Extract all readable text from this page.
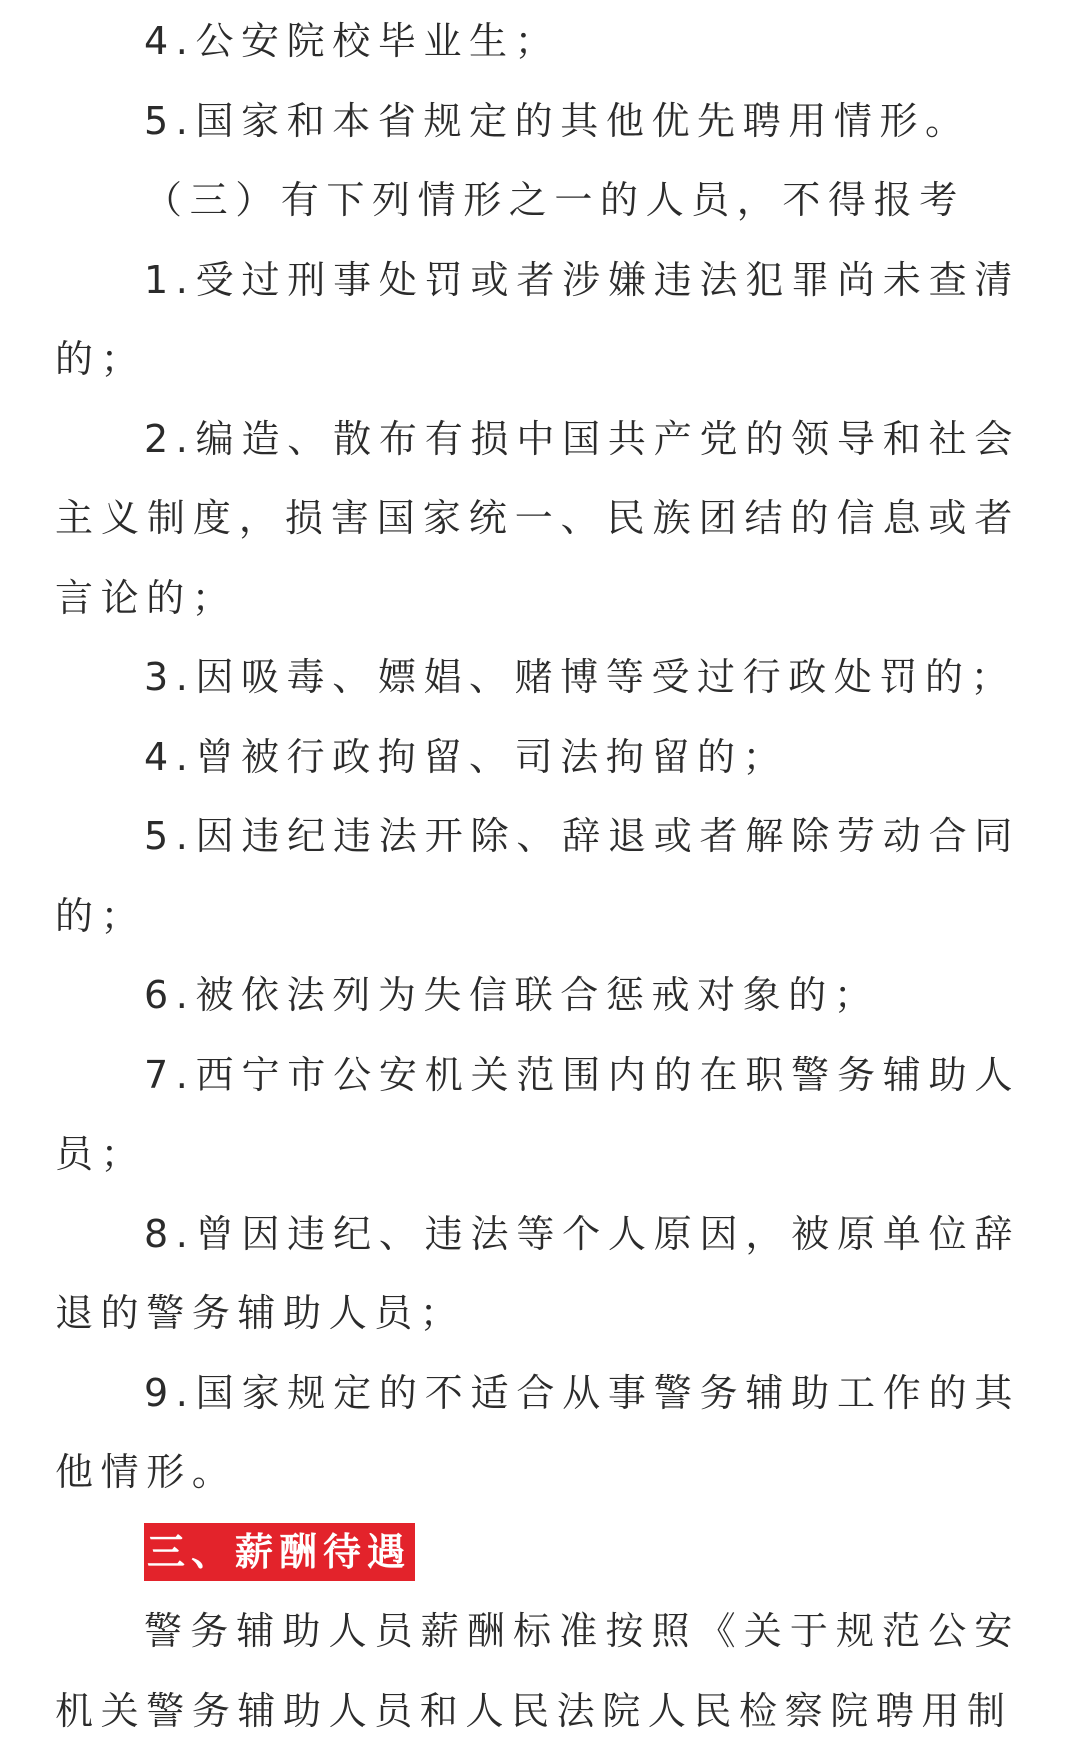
4.公安院校毕业生；

5.国家和本省规定的其他优先聘用情形。

（三）有下列情形之一的人员，不得报考

1.受过刑事处罚或者涉嫌违法犯罪尚未查清的；

2.编造、散布有损中国共产党的领导和社会主义制度，损害国家统一、民族团结的信息或者言论的；

3.因吸毒、嫖娼、赌博等受过行政处罚的；

4.曾被行政拘留、司法拘留的；

5.因违纪违法开除、辞退或者解除劳动合同的；

6.被依法列为失信联合惩戒对象的；

7.西宁市公安机关范围内的在职警务辅助人员；

8.曾因违纪、违法等个人原因，被原单位辞退的警务辅助人员；

9.国家规定的不适合从事警务辅助工作的其他情形。

三、薪酬待遇

警务辅助人员薪酬标准按照《关于规范公安机关警务辅助人员和人民法院人民检察院聘用制
